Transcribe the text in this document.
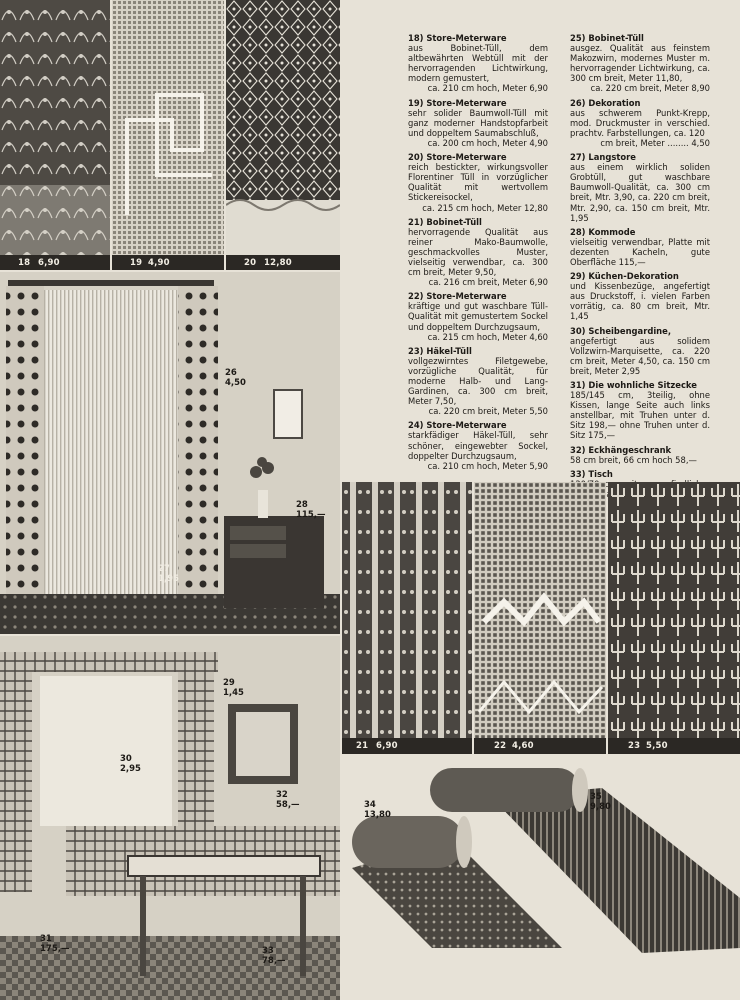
18 6,90	19 4,90	20 12,80
26
4,50
27
1,95
28
115,—
29
1,45
30
2,95
32
58,—
31
175,—	33
78,—
18) Store-Meterware
aus Bobinet-Tüll, dem altbewährten Webtüll mit der hervorragenden Lichtwirkung, modern gemustert,
ca. 210 cm hoch, Meter 6,90
19) Store-Meterware
sehr solider Baumwoll-Tüll mit ganz moderner Handstopfarbeit und doppeltem Saumabschluß,
ca. 200 cm hoch, Meter 4,90
20) Store-Meterware
reich bestickter, wirkungsvoller Florentiner Tüll in vorzüglicher Qualität mit wertvollem Stickereisockel,
ca. 215 cm hoch, Meter 12,80
21) Bobinet-Tüll
hervorragende Qualität aus reiner Mako-Baumwolle, geschmackvolles Muster, vielseitig verwendbar, ca. 300 cm breit, Meter 9,50,
ca. 216 cm breit, Meter 6,90
22) Store-Meterware
kräftige und gut waschbare Tüll-Qualität mit gemustertem Sockel und doppeltem Durchzugsaum,
ca. 215 cm hoch, Meter 4,60
23) Häkel-Tüll
vollgezwirntes Filetgewebe, vorzügliche Qualität, für moderne Halb- und Lang-Gardinen, ca. 300 cm breit, Meter 7,50,
ca. 220 cm breit, Meter 5,50
24) Store-Meterware
starkfädiger Häkel-Tüll, sehr schöner, eingewebter Sockel, doppelter Durchzugsaum,
ca. 210 cm hoch, Meter 5,90
25) Bobinet-Tüll
ausgez. Qualität aus feinstem Makozwirn, modernes Muster m. hervorragender Lichtwirkung, ca. 300 cm breit, Meter 11,80,
ca. 220 cm breit, Meter 8,90
26) Dekoration
aus schwerem Punkt-Krepp, mod. Druckmuster in verschied. prachtv. Farbstellungen, ca. 120
cm breit, Meter ........ 4,50
27) Langstore
aus einem wirklich soliden Grobtüll, gut waschbare Baumwoll-Qualität, ca. 300 cm breit, Mtr. 3,90, ca. 220 cm breit, Mtr. 2,90, ca. 150 cm breit, Mtr. 1,95
28) Kommode
vielseitig verwendbar, Platte mit dezenten Kacheln, gute Oberfläche 115,—
29) Küchen-Dekoration
und Kissenbezüge, angefertigt aus Druckstoff, i. vielen Farben vorrätig, ca. 80 cm breit, Mtr. 1,45
30) Scheibengardine,
angefertigt aus solidem Vollzwirn-Marquisette, ca. 220 cm breit, Meter 4,50, ca. 150 cm breit, Meter 2,95
31) Die wohnliche Sitzecke
185/145 cm, 3teilig, ohne Kissen, lange Seite auch links anstellbar, mit Truhen unter d. Sitz 198,— ohne Truhen unter d. Sitz 175,—
32) Eckhängeschrank
58 cm breit, 66 cm hoch 58,—
33) Tisch
21 6,90	22 4,60	23 5,50
34
13,80
35
9,80
